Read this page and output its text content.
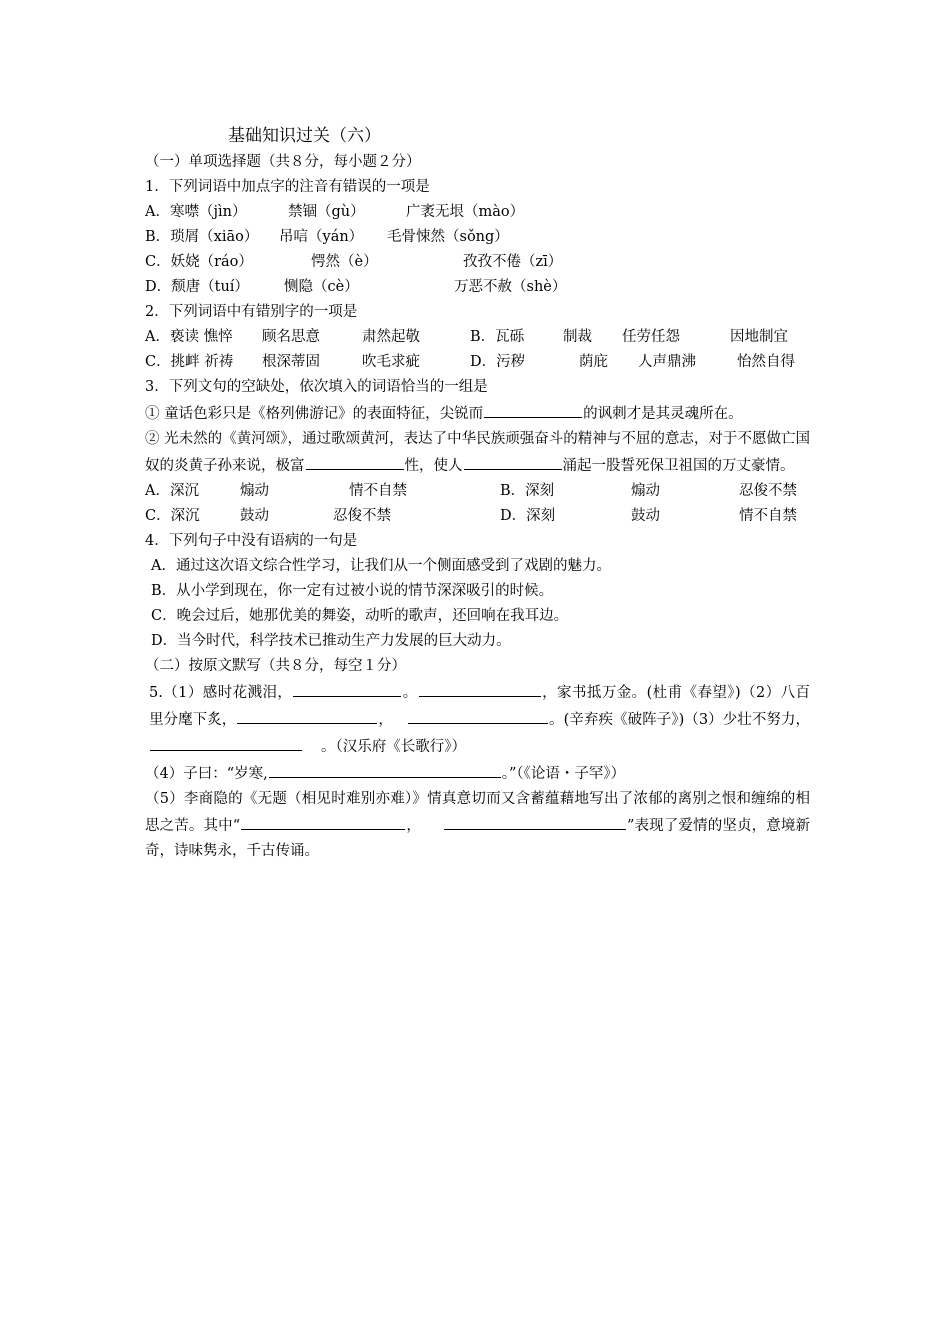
基础知识过关（六）
（一）单项选择题（共８分，每小题２分）
1．下列词语中加点字的注音有错误的一项是
A．寒噤（jìn）	禁锢（gù）	广袤无垠（mào）
B．琐屑（xiāo）	吊唁（yán）	毛骨悚然（sǒng）
C．妖娆（ráo）	愕然（è）	孜孜不倦（zī）
D．颓唐（tuí）	恻隐（cè）	万恶不赦（shè）
2．下列词语中有错别字的一项是
A．亵读 憔悴	顾名思意	肃然起敬	B．瓦砾	制裁	任劳任怨	因地制宜
C．挑衅 祈祷	根深蒂固	吹毛求疵	D．污秽	荫庇	人声鼎沸	怡然自得
3．下列文句的空缺处，依次填入的词语恰当的一组是
① 童话色彩只是《格列佛游记》的表面特征，尖锐而	的讽刺才是其灵魂所在。
② 光未然的《黄河颂》，通过歌颂黄河，表达了中华民族顽强奋斗的精神与不屈的意志，对于不愿做亡国奴的炎黄子孙来说，极富	性，使人	涌起一股誓死保卫祖国的万丈豪情。
A．深沉	煽动	情不自禁	B．深刻	煽动	忍俊不禁
C．深沉	鼓动	忍俊不禁	D．深刻	鼓动	情不自禁
4．下列句子中没有语病的一句是
A．通过这次语文综合性学习，让我们从一个侧面感受到了戏剧的魅力。
B．从小学到现在，你一定有过被小说的情节深深吸引的时候。
C．晚会过后，她那优美的舞姿，动听的歌声，还回响在我耳边。
D．当今时代，科学技术已推动生产力发展的巨大动力。
（二）按原文默写（共８分，每空１分）
5.（1）感时花溅泪，	。	，家书抵万金。(杜甫《春望》)（2）八百里分麾下炙，	，	。(辛弃疾《破阵子》)（3）少壮不努力，。（汉乐府《长歌行》）
（4）子曰：“岁寒,	。”（《论语・子罕》）
（5）李商隐的《无题（相见时难别亦难）》情真意切而又含蓄蕴藉地写出了浓郁的离别之恨和缠绵的相思之苦。其中“	，	”表现了爱情的坚贞，意境新奇，诗味隽永，千古传诵。
